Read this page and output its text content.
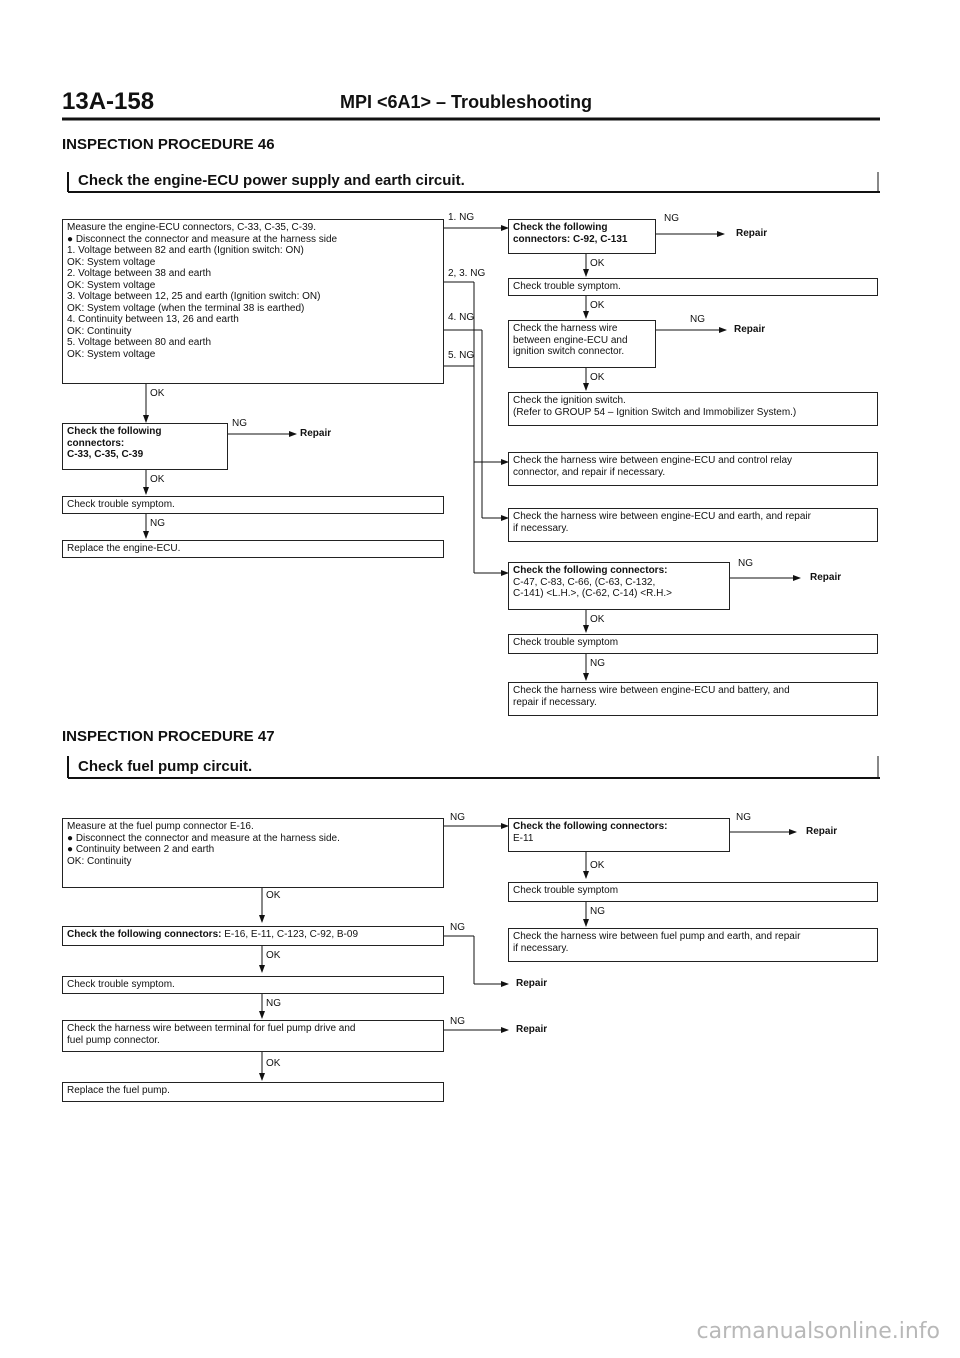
13A-158	MPI <6A1> – Troubleshooting
INSPECTION PROCEDURE 46
Check the engine-ECU power supply and earth circuit.
Measure the engine-ECU connectors, C-33, C-35, C-39.
● Disconnect the connector and measure at the harness side
1. Voltage between 82 and earth (Ignition switch: ON)
OK: System voltage
2. Voltage between 38 and earth
OK: System voltage
3. Voltage between 12, 25 and earth (Ignition switch: ON)
OK: System voltage (when the terminal 38 is earthed)
4. Continuity between 13, 26 and earth
OK: Continuity
5. Voltage between 80 and earth
OK: System voltage
1. NG
2, 3. NG
4. NG
5. NG
OK
Check the following
connectors:
C-33, C-35, C-39
NG
Repair
OK
Check trouble symptom.
NG
Replace the engine-ECU.
Check the following
connectors: C-92, C-131
NG
Repair
OK
Check trouble symptom.
OK
Check the harness wire
between engine-ECU and
ignition switch connector.
NG
Repair
OK
Check the ignition switch.
(Refer to GROUP 54 – Ignition Switch and Immobilizer System.)
Check the harness wire between engine-ECU and control relay
connector, and repair if necessary.
Check the harness wire between engine-ECU and earth, and repair
if necessary.
Check the following connectors:
C-47, C-83, C-66, (C-63, C-132,
C-141) <L.H.>, (C-62, C-14) <R.H.>
NG
Repair
OK
Check trouble symptom
NG
Check the harness wire between engine-ECU and battery, and
repair if necessary.
INSPECTION PROCEDURE 47
Check fuel pump circuit.
Measure at the fuel pump connector E-16.
● Disconnect the connector and measure at the harness side.
● Continuity between 2 and earth
OK: Continuity
NG
OK
Check the following connectors: E-16, E-11, C-123, C-92, B-09
NG
OK
Check trouble symptom.
NG
Check the harness wire between terminal for fuel pump drive and
fuel pump connector.
NG
OK
Replace the fuel pump.
Check the following connectors:
E-11
NG
Repair
OK
Check trouble symptom
NG
Check the harness wire between fuel pump and earth, and repair
if necessary.
Repair
Repair
carmanualsonline.info
